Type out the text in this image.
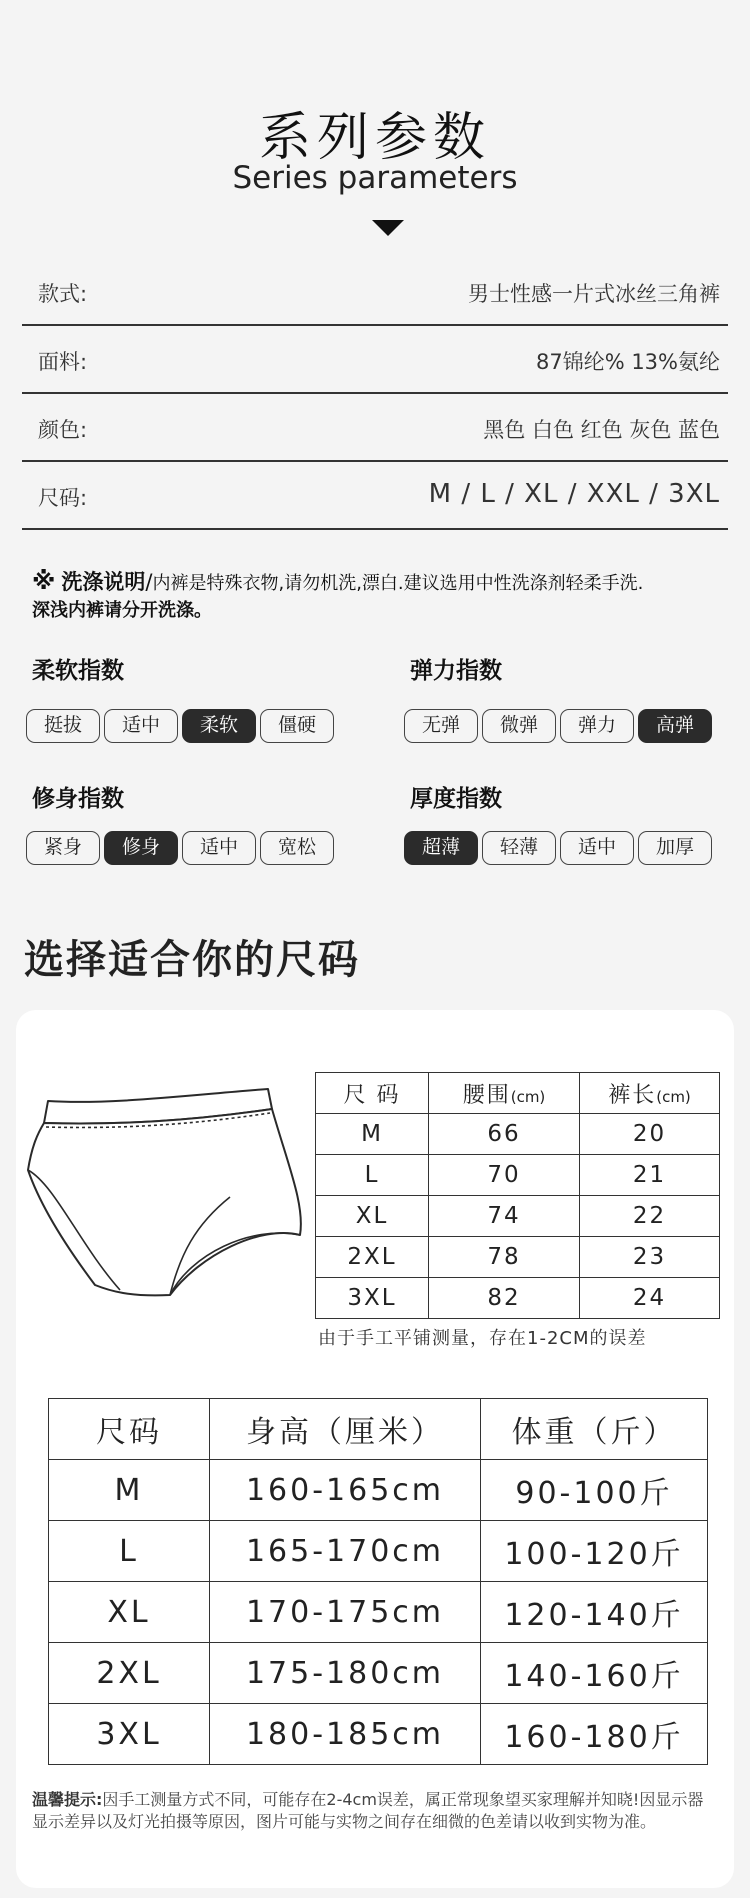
系列参数
Series parameters
款式:	男士性感一片式冰丝三角裤
面料:	87锦纶% 13%氨纶
颜色:	黑色 白色 红色 灰色 蓝色
尺码:	M / L / XL / XXL / 3XL
※ 洗涤说明/内裤是特殊衣物,请勿机洗,漂白.建议选用中性洗涤剂轻柔手洗.
深浅内裤请分开洗涤。
柔软指数
挺拔	适中	柔软	僵硬
弹力指数
无弹	微弹	弹力	高弹
修身指数
紧身	修身	适中	宽松
厚度指数
超薄	轻薄	适中	加厚
选择适合你的尺码
尺 码	腰围(cm)	裤长(cm)
M	66	20
L	70	21
XL	74	22
2XL	78	23
3XL	82	24
由于手工平铺测量，存在1-2CM的误差
尺码	身高（厘米）	体重（斤）
M	160-165cm	90-100斤
L	165-170cm	100-120斤
XL	170-175cm	120-140斤
2XL	175-180cm	140-160斤
3XL	180-185cm	160-180斤
温馨提示:因手工测量方式不同，可能存在2-4cm误差，属正常现象望买家理解并知晓!因显示器显示差异以及灯光拍摄等原因，图片可能与实物之间存在细微的色差请以收到实物为准。
